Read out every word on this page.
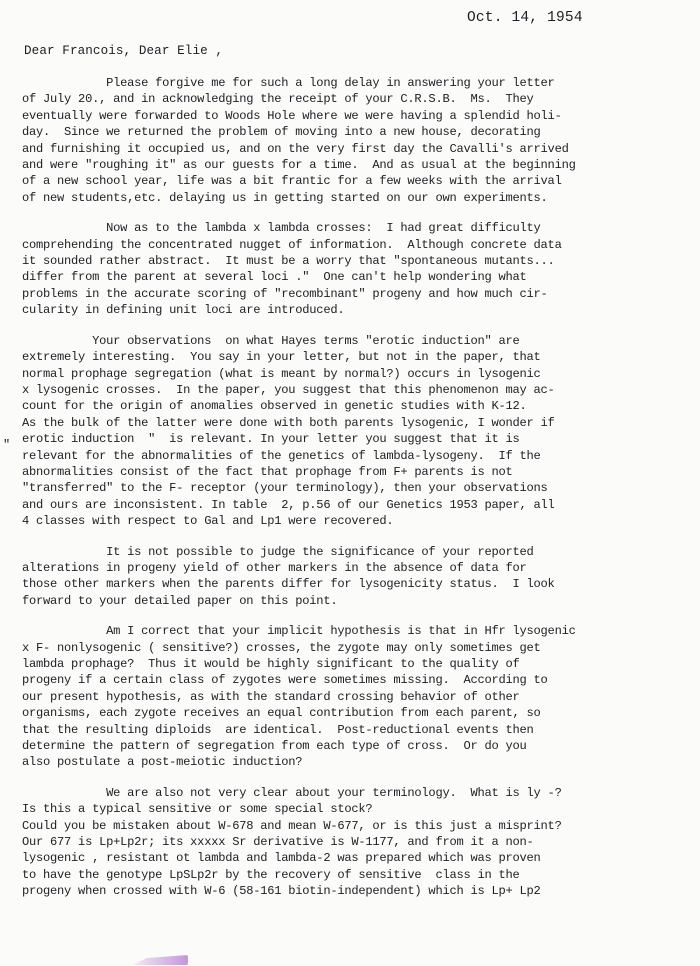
Oct. 14, 1954
Dear Francois, Dear Elie ,
"
Please forgive me for such a long delay in answering your letter
of July 20., and in acknowledging the receipt of your C.R.S.B.  Ms.  They
eventually were forwarded to Woods Hole where we were having a splendid holi-
day.  Since we returned the problem of moving into a new house, decorating
and furnishing it occupied us, and on the very first day the Cavalli's arrived
and were "roughing it" as our guests for a time.  And as usual at the beginning
of a new school year, life was a bit frantic for a few weeks with the arrival
of new students,etc. delaying us in getting started on our own experiments.
Now as to the lambda x lambda crosses:  I had great difficulty
comprehending the concentrated nugget of information.  Although concrete data
it sounded rather abstract.  It must be a worry that "spontaneous mutants...
differ from the parent at several loci ."  One can't help wondering what
problems in the accurate scoring of "recombinant" progeny and how much cir-
cularity in defining unit loci are introduced.
Your observations  on what Hayes terms "erotic induction" are
extremely interesting.  You say in your letter, but not in the paper, that
normal prophage segregation (what is meant by normal?) occurs in lysogenic
x lysogenic crosses.  In the paper, you suggest that this phenomenon may ac-
count for the origin of anomalies observed in genetic studies with K-12.
As the bulk of the latter were done with both parents lysogenic, I wonder if
erotic induction  "  is relevant. In your letter you suggest that it is
relevant for the abnormalities of the genetics of lambda-lysogeny.  If the
abnormalities consist of the fact that prophage from F+ parents is not
"transferred" to the F- receptor (your terminology), then your observations
and ours are inconsistent. In table  2, p.56 of our Genetics 1953 paper, all
4 classes with respect to Gal and Lp1 were recovered.
It is not possible to judge the significance of your reported
alterations in progeny yield of other markers in the absence of data for
those other markers when the parents differ for lysogenicity status.  I look
forward to your detailed paper on this point.
Am I correct that your implicit hypothesis is that in Hfr lysogenic
x F- nonlysogenic ( sensitive?) crosses, the zygote may only sometimes get
lambda prophage?  Thus it would be highly significant to the quality of
progeny if a certain class of zygotes were sometimes missing.  According to
our present hypothesis, as with the standard crossing behavior of other
organisms, each zygote receives an equal contribution from each parent, so
that the resulting diploids  are identical.  Post-reductional events then
determine the pattern of segregation from each type of cross.  Or do you
also postulate a post-meiotic induction?
We are also not very clear about your terminology.  What is ly -?
Is this a typical sensitive or some special stock?
Could you be mistaken about W-678 and mean W-677, or is this just a misprint?
Our 677 is Lp+Lp2r; its xxxxx Sr derivative is W-1177, and from it a non-
lysogenic , resistant ot lambda and lambda-2 was prepared which was proven
to have the genotype LpSLp2r by the recovery of sensitive  class in the
progeny when crossed with W-6 (58-161 biotin-independent) which is Lp+ Lp2
